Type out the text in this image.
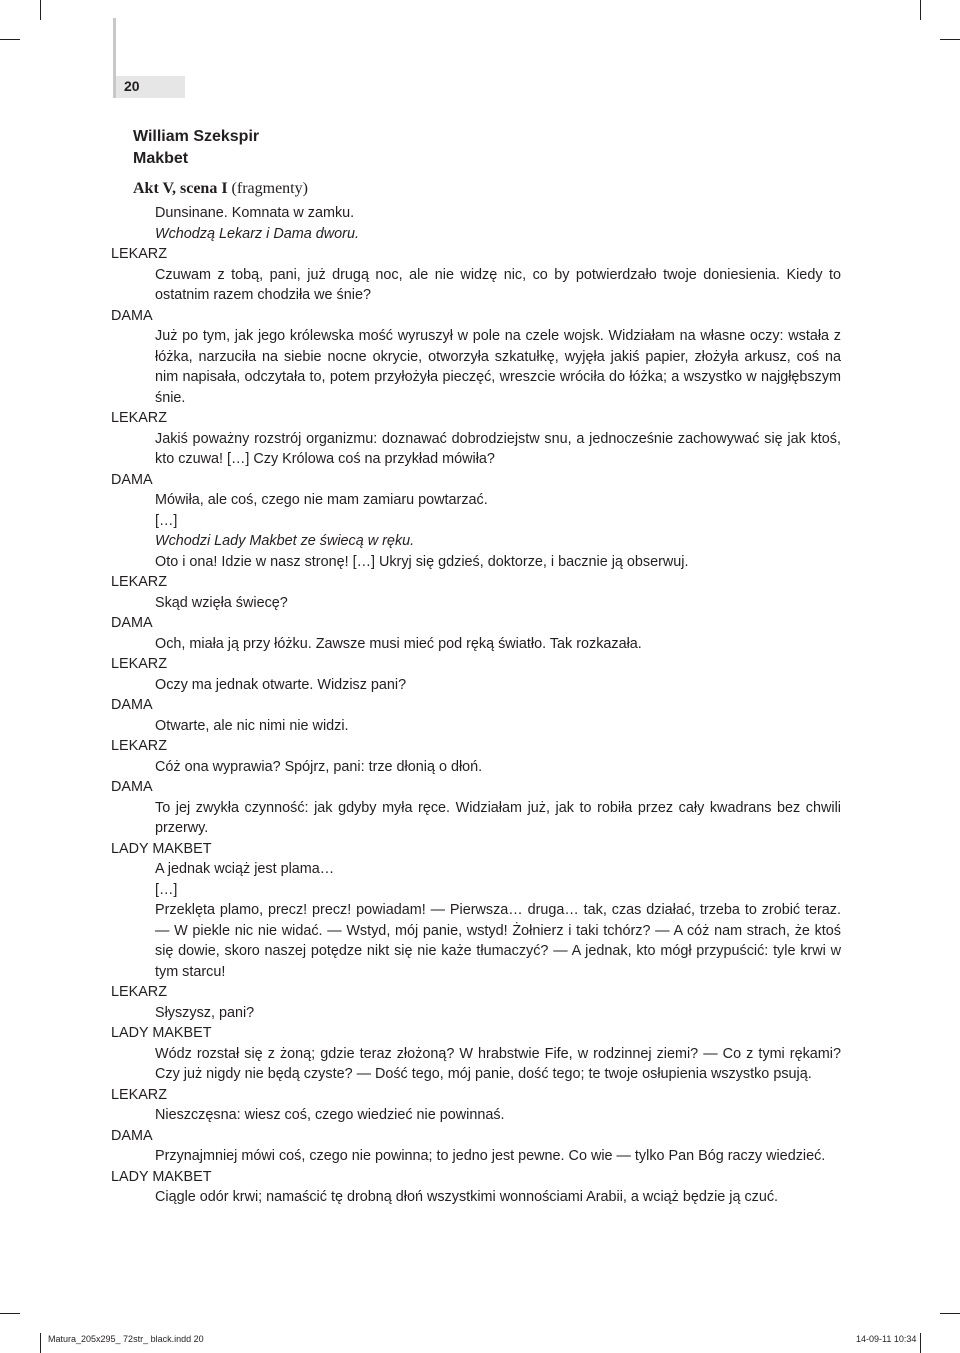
20
William Szekspir
Makbet
Akt V, scena I (fragmenty)
Dunsinane. Komnata w zamku.
Wchodzą Lekarz i Dama dworu.
LEKARZ
Czuwam z tobą, pani, już drugą noc, ale nie widzę nic, co by potwierdzało twoje doniesienia. Kiedy to ostatnim razem chodziła we śnie?
DAMA
Już po tym, jak jego królewska mość wyruszył w pole na czele wojsk. Widziałam na własne oczy: wstała z łóżka, narzuciła na siebie nocne okrycie, otworzyła szkatułkę, wyjęła jakiś papier, złożyła arkusz, coś na nim napisała, odczytała to, potem przyłożyła pieczęć, wreszcie wróciła do łóżka; a wszystko w najgłębszym śnie.
LEKARZ
Jakiś poważny rozstrój organizmu: doznawać dobrodziejstw snu, a jednocześnie zachowywać się jak ktoś, kto czuwa! […] Czy Królowa coś na przykład mówiła?
DAMA
Mówiła, ale coś, czego nie mam zamiaru powtarzać.
[…]
Wchodzi Lady Makbet ze świecą w ręku.
Oto i ona! Idzie w nasz stronę! […] Ukryj się gdzieś, doktorze, i bacznie ją obserwuj.
LEKARZ
Skąd wzięła świecę?
DAMA
Och, miała ją przy łóżku. Zawsze musi mieć pod ręką światło. Tak rozkazała.
LEKARZ
Oczy ma jednak otwarte. Widzisz pani?
DAMA
Otwarte, ale nic nimi nie widzi.
LEKARZ
Cóż ona wyprawia? Spójrz, pani: trze dłonią o dłoń.
DAMA
To jej zwykła czynność: jak gdyby myła ręce. Widziałam już, jak to robiła przez cały kwadrans bez chwili przerwy.
LADY MAKBET
A jednak wciąż jest plama…
[…]
Przeklęta plamo, precz! precz! powiadam! — Pierwsza… druga… tak, czas działać, trzeba to zrobić teraz. — W piekle nic nie widać. — Wstyd, mój panie, wstyd! Żołnierz i taki tchórz? — A cóż nam strach, że ktoś się dowie, skoro naszej potędze nikt się nie każe tłumaczyć? — A jednak, kto mógł przypuścić: tyle krwi w tym starcu!
LEKARZ
Słyszysz, pani?
LADY MAKBET
Wódz rozstał się z żoną; gdzie teraz złożoną? W hrabstwie Fife, w rodzinnej ziemi? — Co z tymi rękami? Czy już nigdy nie będą czyste? — Dość tego, mój panie, dość tego; te twoje osłupienia wszystko psują.
LEKARZ
Nieszczęsna: wiesz coś, czego wiedzieć nie powinnaś.
DAMA
Przynajmniej mówi coś, czego nie powinna; to jedno jest pewne. Co wie — tylko Pan Bóg raczy wiedzieć.
LADY MAKBET
Ciągle odór krwi; namaścić tę drobną dłoń wszystkimi wonnościami Arabii, a wciąż będzie ją czuć.
Matura_205x295_ 72str_ black.indd 20	14-09-11 10:34
